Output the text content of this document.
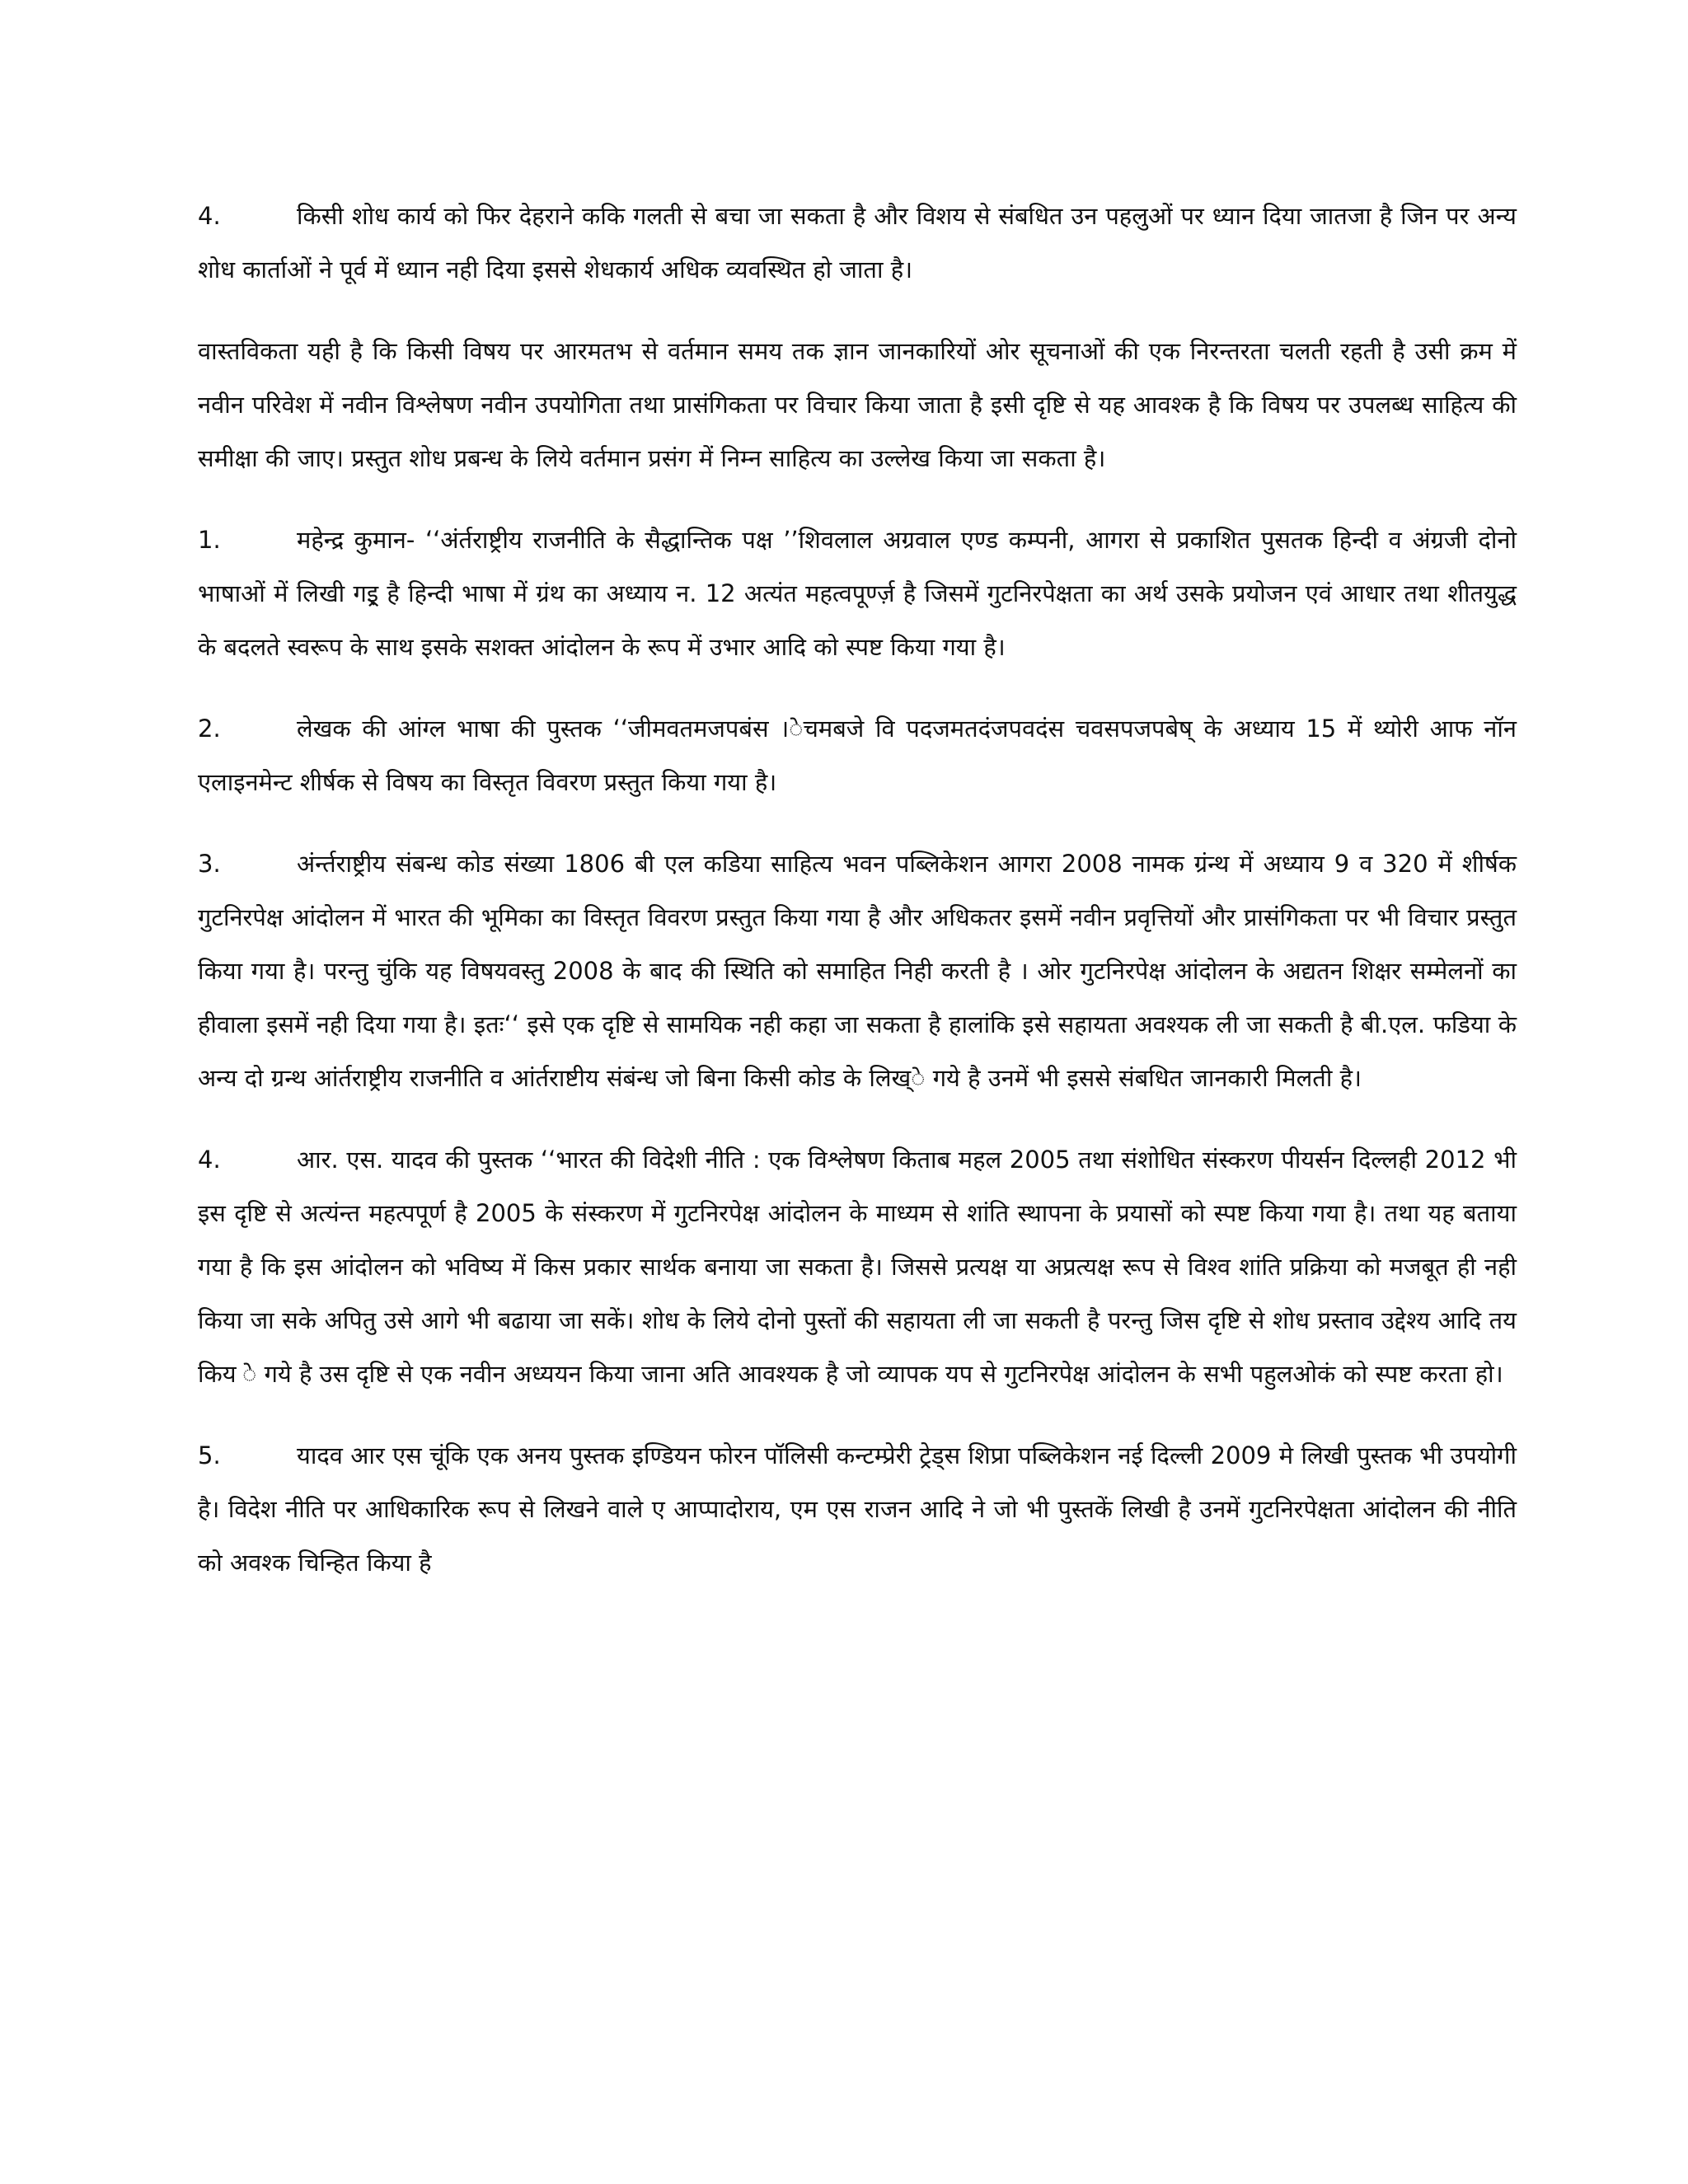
4.	किसी शोध कार्य को फिर देहराने ककि गलती से बचा जा सकता है और विशय से संबधित उन पहलुओं पर ध्यान दिया जातजा है जिन पर अन्य शोध कार्ताओं ने पूर्व में ध्यान नही दिया इससे शेधकार्य अधिक व्यवस्थित हो जाता है।

वास्तविकता यही है कि किसी विषय पर आरमतभ से वर्तमान समय तक ज्ञान जानकारियों ओर सूचनाओं की एक निरन्तरता चलती रहती है उसी क्रम में नवीन परिवेश में नवीन विश्लेषण नवीन उपयोगिता तथा प्रासंगिकता पर विचार किया जाता है इसी दृष्टि से यह आवश्क है कि विषय पर उपलब्ध साहित्य की समीक्षा की जाए। प्रस्तुत शोध प्रबन्ध के लिये वर्तमान प्रसंग में निम्न साहित्य का उल्लेख किया जा सकता है।

1.	महेन्द्र कुमान- ‘‘अंर्तराष्ट्रीय राजनीति के सैद्धान्तिक पक्ष ’’शिवलाल अग्रवाल एण्ड कम्पनी, आगरा से प्रकाशित पुसतक हिन्दी व अंग्रजी दोनो भाषाओं में लिखी गइ्र है हिन्दी भाषा में ग्रंथ का अध्याय न. 12 अत्यंत महत्वपूर्ण्ज़ है जिसमें गुटनिरपेक्षता का अर्थ उसके प्रयोजन एवं आधार तथा शीतयुद्ध के बदलते स्वरूप के साथ इसके सशक्त आंदोलन के रूप में उभार आदि को स्पष्ट किया गया है।

2.	लेखक की आंग्ल भाषा की पुस्तक ‘‘जीमवतमजपबंस ।ेचमबजे वि पदजमतदंजपवदंस चवसपजपबेष् के अध्याय 15 में थ्योरी आफ नॉन एलाइनमेन्ट शीर्षक से विषय का विस्तृत विवरण प्रस्तुत किया गया है।

3.	अंर्न्तराष्ट्रीय संबन्ध कोड संख्या 1806 बी एल कडिया साहित्य भवन पब्लिकेशन आगरा 2008 नामक ग्रंन्थ में अध्याय 9 व 320 में शीर्षक गुटनिरपेक्ष आंदोलन में भारत की भूमिका का विस्तृत विवरण प्रस्तुत किया गया है और अधिकतर इसमें नवीन प्रवृत्तियों और प्रासंगिकता पर भी विचार प्रस्तुत किया गया है। परन्तु चुंकि यह विषयवस्तु 2008 के बाद की स्थिति को समाहित निही करती है । ओर गुटनिरपेक्ष आंदोलन के अद्यतन शिक्षर सम्मेलनों का हीवाला इसमें नही दिया गया है। इतः‘‘ इसे एक दृष्टि से सामयिक नही कहा जा सकता है हालांकि इसे सहायता अवश्यक ली जा सकती है बी.एल. फडिया के अन्य दो ग्रन्थ आंर्तराष्ट्रीय राजनीति व आंर्तराष्टीय संबंन्ध जो बिना किसी कोड के लिख्े गये है उनमें भी इससे संबधित जानकारी मिलती है।

4.	आर. एस. यादव की पुस्तक ‘‘भारत की विदेशी नीति : एक विश्लेषण किताब महल 2005 तथा संशोधित संस्करण पीयर्सन दिल्लही 2012 भी इस दृष्टि से अत्यंन्त महत्पपूर्ण है 2005 के संस्करण में गुटनिरपेक्ष आंदोलन के माध्यम से शांति स्थापना के प्रयासों को स्पष्ट किया गया है। तथा यह बताया गया है कि इस आंदोलन को भविष्य में किस प्रकार सार्थक बनाया जा सकता है। जिससे प्रत्यक्ष या अप्रत्यक्ष रूप से विश्व शांति प्रक्रिया को मजबूत ही नही किया जा सके अपितु उसे आगे भी बढाया जा सकें। शोध के लिये दोनो पुस्तों की सहायता ली जा सकती है परन्तु जिस दृष्टि से शोध प्रस्ताव उद्देश्य आदि तय किय े गये है उस दृष्टि से एक नवीन अध्ययन किया जाना अति आवश्यक है जो व्यापक यप से गुटनिरपेक्ष आंदोलन के सभी पहुलओकं को स्पष्ट करता हो।

5.	यादव आर एस चूंकि एक अनय पुस्तक इण्डियन फोरन पॉलिसी कन्टम्प्रेरी ट्रेड्स शिप्रा पब्लिकेशन नई दिल्ली 2009 मे लिखी पुस्तक भी उपयोगी है। विदेश नीति पर आधिकारिक रूप से लिखने वाले ए आप्पादोराय, एम एस राजन आदि ने जो भी पुस्तकें लिखी है उनमें गुटनिरपेक्षता आंदोलन की नीति को अवश्क चिन्हित किया है
